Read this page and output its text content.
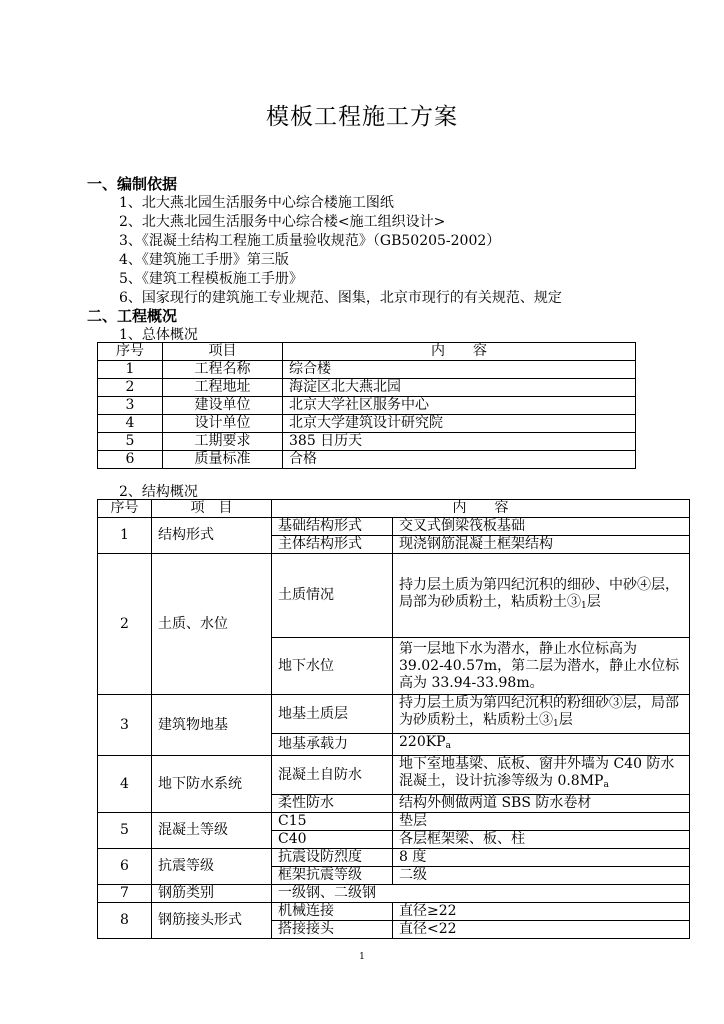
模板工程施工方案
一、编制依据
1、北大燕北园生活服务中心综合楼施工图纸
2、北大燕北园生活服务中心综合楼<施工组织设计>
3、《混凝土结构工程施工质量验收规范》（GB50205-2002）
4、《建筑施工手册》第三版
5、《建筑工程模板施工手册》
6、国家现行的建筑施工专业规范、图集，北京市现行的有关规范、规定
二、工程概况
1、总体概况
序号	项目	内　　容
1	工程名称	综合楼
2	工程地址	海淀区北大燕北园
3	建设单位	北京大学社区服务中心
4	设计单位	北京大学建筑设计研究院
5	工期要求	385 日历天
6	质量标准	合格
2、结构概况
序号	项　目	内　　容	
1	结构形式	基础结构形式	交叉式倒梁筏板基础
		主体结构形式	现浇钢筋混凝土框架结构
2	土质、水位	土质情况	持力层土质为第四纪沉积的细砂、中砂④层，局部为砂质粉土，粘质粉土$③_1$层
		地下水位	第一层地下水为潜水，静止水位标高为 39.02-40.57m，第二层为潜水，静止水位标高为 33.94-33.98m。
3	建筑物地基	地基土质层	持力层土质为第四纪沉积的粉细砂③层，局部为砂质粉土，粘质粉土$③_1$层
		地基承载力	$220KP_a$
4	地下防水系统	混凝土自防水	地下室地基梁、底板、窗井外墙为 C40 防水混凝土，设计抗渗等级为 $0.8MP_a$
		柔性防水	结构外侧做两道 SBS 防水卷材
5	混凝土等级	C15	垫层
		C40	各层框架梁、板、柱
6	抗震等级	抗震设防烈度	8 度
		框架抗震等级	二级
7	钢筋类别	一级钢、二级钢	
8	钢筋接头形式	机械连接	直径≥22
		搭接接头	直径<22
1
